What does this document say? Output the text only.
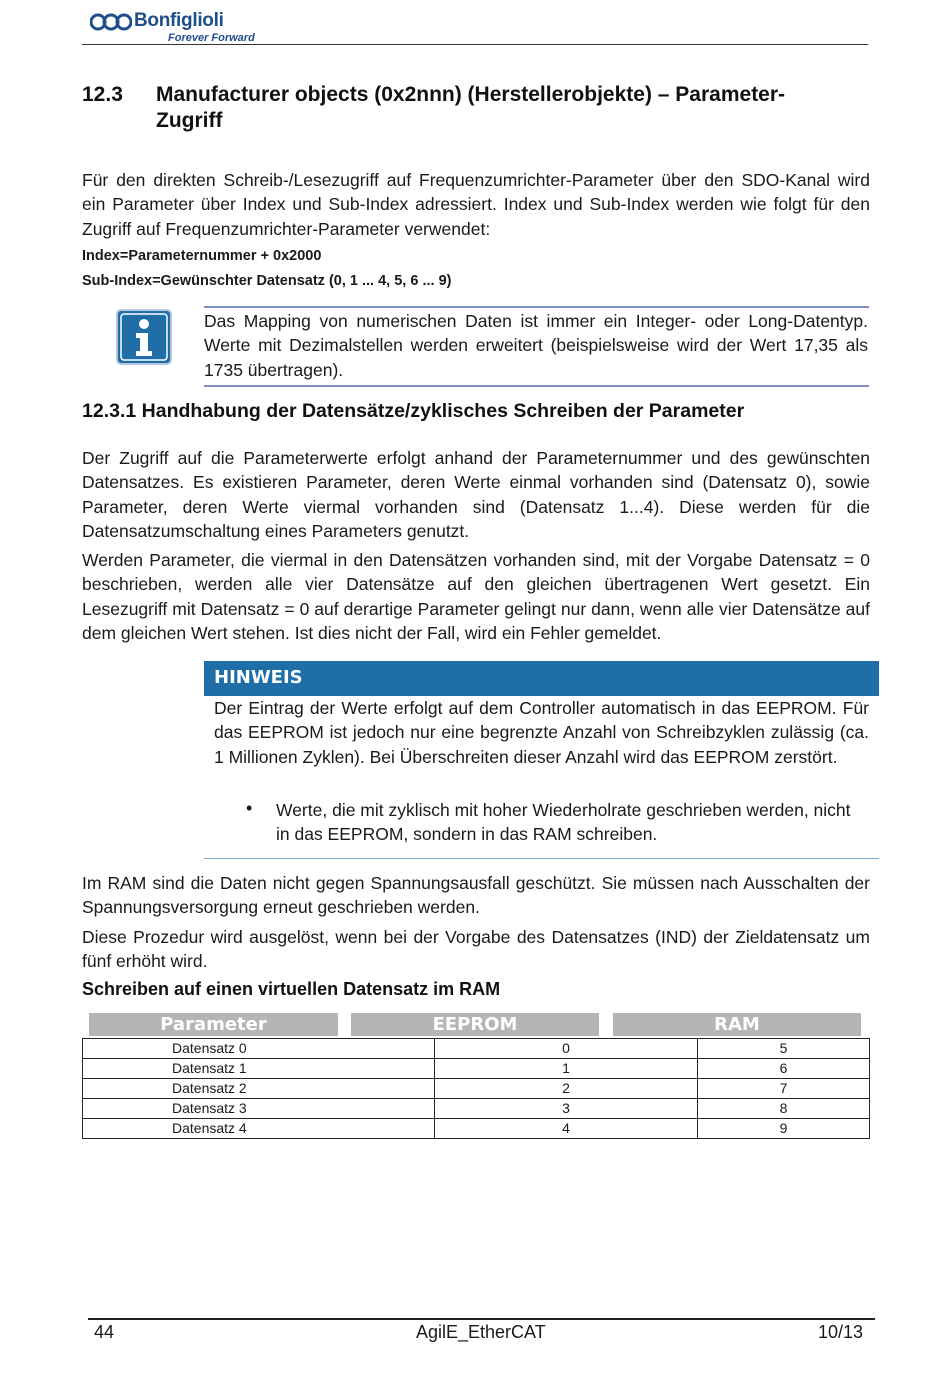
Bonfiglioli
Forever Forward
12.3 Manufacturer objects (0x2nnn) (Herstellerobjekte) – Parameter-Zugriff
Für den direkten Schreib-/Lesezugriff auf Frequenzumrichter-Parameter über den SDO-Kanal wird ein Parameter über Index und Sub-Index adressiert. Index und Sub-Index werden wie folgt für den Zugriff auf Frequenzumrichter-Parameter verwendet:
Index=Parameternummer + 0x2000
Sub-Index=Gewünschter Datensatz (0, 1 ... 4, 5, 6 ... 9)
Das Mapping von numerischen Daten ist immer ein Integer- oder Long-Datentyp. Werte mit Dezimalstellen werden erweitert (beispielsweise wird der Wert 17,35 als 1735 übertragen).
12.3.1 Handhabung der Datensätze/zyklisches Schreiben der Parameter
Der Zugriff auf die Parameterwerte erfolgt anhand der Parameternummer und des gewünschten Datensatzes. Es existieren Parameter, deren Werte einmal vorhanden sind (Datensatz 0), sowie Parameter, deren Werte viermal vorhanden sind (Datensatz 1...4). Diese werden für die Datensatzumschaltung eines Parameters genutzt.
Werden Parameter, die viermal in den Datensätzen vorhanden sind, mit der Vorgabe Datensatz = 0 beschrieben, werden alle vier Datensätze auf den gleichen übertragenen Wert gesetzt. Ein Lesezugriff mit Datensatz = 0 auf derartige Parameter gelingt nur dann, wenn alle vier Datensätze auf dem gleichen Wert stehen. Ist dies nicht der Fall, wird ein Fehler gemeldet.
HINWEIS
Der Eintrag der Werte erfolgt auf dem Controller automatisch in das EEPROM. Für das EEPROM ist jedoch nur eine begrenzte Anzahl von Schreibzyklen zulässig (ca. 1 Millionen Zyklen). Bei Überschreiten dieser Anzahl wird das EEPROM zerstört.
• Werte, die mit zyklisch mit hoher Wiederholrate geschrieben werden, nicht in das EEPROM, sondern in das RAM schreiben.
Im RAM sind die Daten nicht gegen Spannungsausfall geschützt. Sie müssen nach Ausschalten der Spannungsversorgung erneut geschrieben werden.
Diese Prozedur wird ausgelöst, wenn bei der Vorgabe des Datensatzes (IND) der Zieldatensatz um fünf erhöht wird.
Schreiben auf einen virtuellen Datensatz im RAM
Parameter	EEPROM	RAM
Datensatz 0	0	5
Datensatz 1	1	6
Datensatz 2	2	7
Datensatz 3	3	8
Datensatz 4	4	9
44	AgilE_EtherCAT	10/13
